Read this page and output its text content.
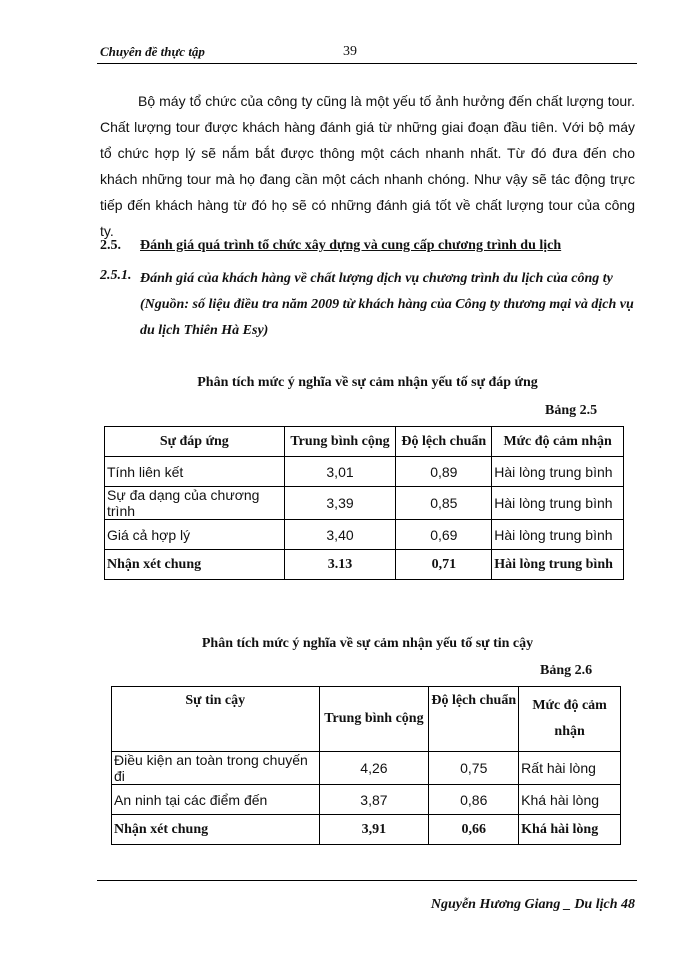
Chuyên đề thực tập	39
Bộ máy tổ chức của công ty cũng là một yếu tố ảnh hưởng đến chất lượng tour. Chất lượng tour được khách hàng đánh giá từ những giai đoạn đầu tiên. Với bộ máy tổ chức hợp lý sẽ nắm bắt được thông một cách nhanh nhất. Từ đó đưa đến cho khách những tour mà họ đang cần một cách nhanh chóng. Như vậy sẽ tác động trực tiếp đến khách hàng từ đó họ sẽ có những đánh giá tốt về chất lượng tour của công ty.
2.5. Đánh giá quá trình tổ chức xây dựng và cung cấp chương trình du lịch
2.5.1. Đánh giá của khách hàng về chất lượng dịch vụ chương trình du lịch của công ty (Nguồn: số liệu điều tra năm 2009 từ khách hàng của Công ty thương mại và dịch vụ du lịch Thiên Hà Esy)
Phân tích mức ý nghĩa về sự cảm nhận yếu tố sự đáp ứng
Bảng 2.5
Sự đáp ứng	Trung bình cộng	Độ lệch chuẩn	Mức độ cảm nhận
Tính liên kết	3,01	0,89	Hài lòng trung bình
Sự đa dạng của chương trình	3,39	0,85	Hài lòng trung bình
Giá cả hợp lý	3,40	0,69	Hài lòng trung bình
Nhận xét chung	3.13	0,71	Hài lòng trung bình
Phân tích mức ý nghĩa về sự cảm nhận yếu tố sự tin cậy
Bảng 2.6
Sự tin cậy	Trung bình cộng	Độ lệch chuẩn	Mức độ cảm nhận
Điều kiện an toàn trong chuyến đi	4,26	0,75	Rất hài lòng
An ninh tại các điểm đến	3,87	0,86	Khá hài lòng
Nhận xét chung	3,91	0,66	Khá hài lòng
Nguyễn Hương Giang _ Du lịch 48
